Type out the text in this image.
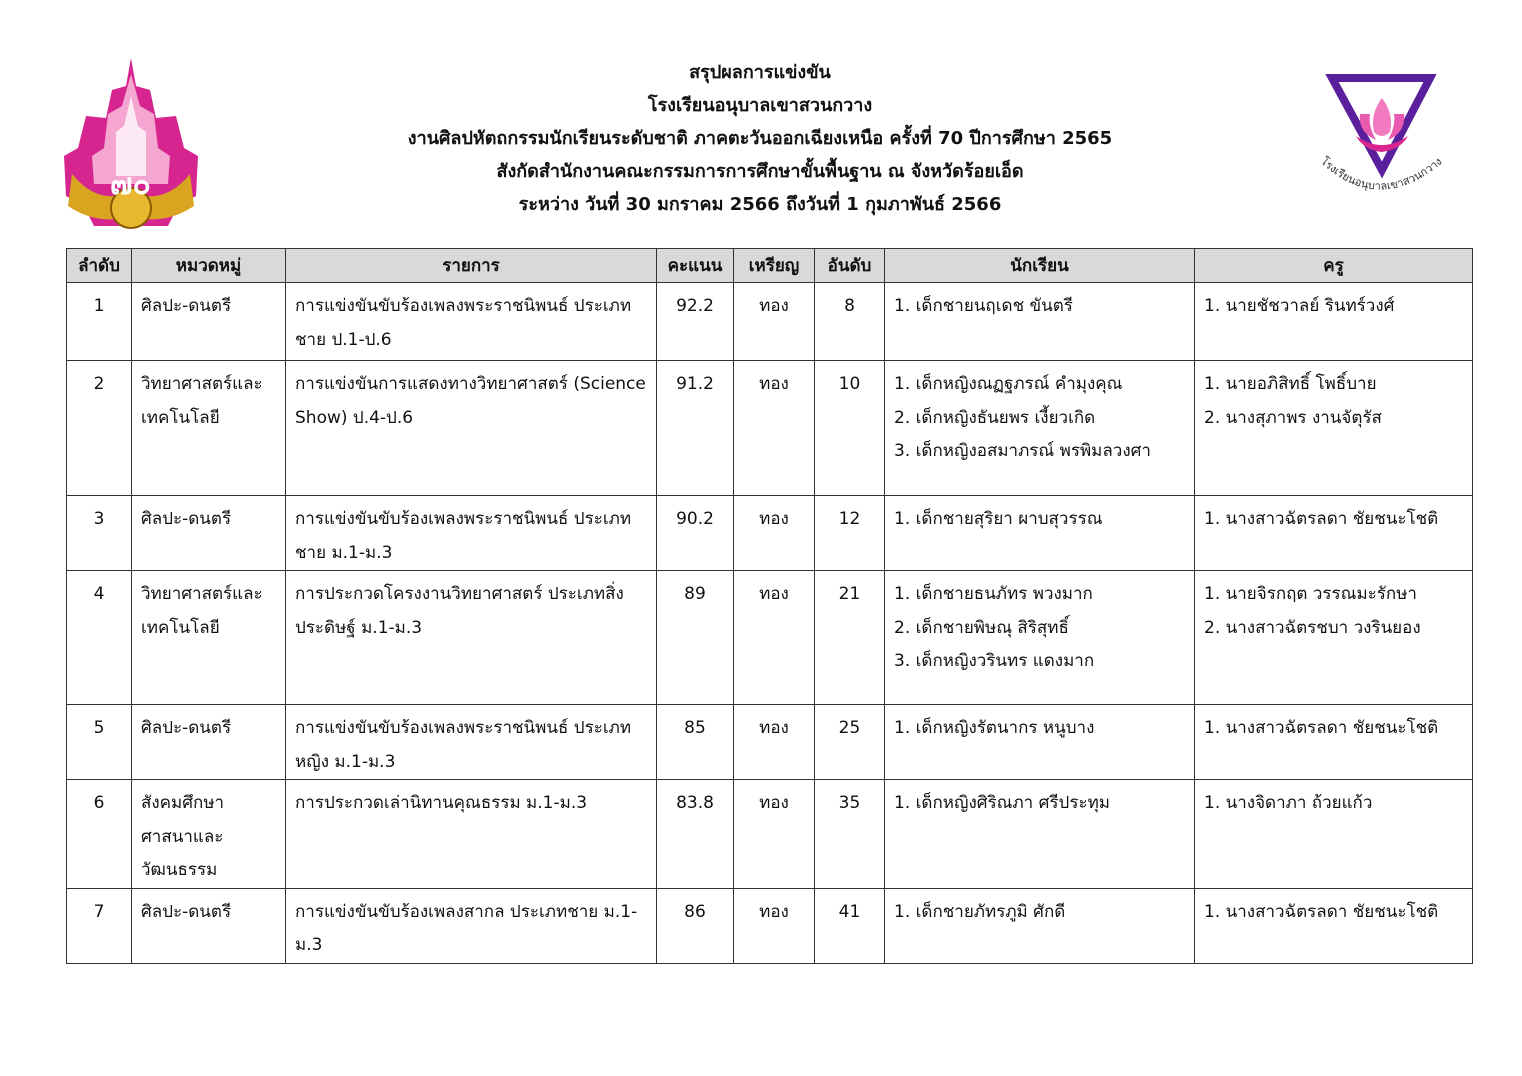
๗๐
สรุปผลการแข่งขัน
โรงเรียนอนุบาลเขาสวนกวาง
งานศิลปหัตถกรรมนักเรียนระดับชาติ ภาคตะวันออกเฉียงเหนือ ครั้งที่ 70 ปีการศึกษา 2565
สังกัดสำนักงานคณะกรรมการการศึกษาขั้นพื้นฐาน ณ จังหวัดร้อยเอ็ด
ระหว่าง วันที่ 30 มกราคม 2566 ถึงวันที่ 1 กุมภาพันธ์ 2566
โรงเรียนอนุบาลเขาสวนกวาง
ลำดับ	หมวดหมู่	รายการ	คะแนน	เหรียญ	อันดับ	นักเรียน	ครู
1	ศิลปะ-ดนตรี	การแข่งขันขับร้องเพลงพระราชนิพนธ์ ประเภทชาย ป.1-ป.6	92.2	ทอง	8	1. เด็กชายนฤเดช ขันตรี	1. นายชัชวาลย์ รินทร์วงศ์

2	วิทยาศาสตร์และเทคโนโลยี	การแข่งขันการแสดงทางวิทยาศาสตร์ (Science Show) ป.4-ป.6	91.2	ทอง	10	1. เด็กหญิงณฏฐภรณ์ คำมุงคุณ
2. เด็กหญิงธันยพร เงี้ยวเกิด
3. เด็กหญิงอสมาภรณ์ พรพิมลวงศา	1. นายอภิสิทธิ์ โพธิ์บาย
2. นางสุภาพร งานจัตุรัส

3	ศิลปะ-ดนตรี	การแข่งขันขับร้องเพลงพระราชนิพนธ์ ประเภทชาย ม.1-ม.3	90.2	ทอง	12	1. เด็กชายสุริยา ผาบสุวรรณ	1. นางสาวฉัตรลดา ชัยชนะโชติ

4	วิทยาศาสตร์และเทคโนโลยี	การประกวดโครงงานวิทยาศาสตร์ ประเภทสิ่งประดิษฐ์ ม.1-ม.3	89	ทอง	21	1. เด็กชายธนภัทร พวงมาก
2. เด็กชายพิษณุ สิริสุทธิ์
3. เด็กหญิงวรินทร แดงมาก	1. นายจิรกฤต วรรณมะรักษา
2. นางสาวฉัตรชบา วงรินยอง

5	ศิลปะ-ดนตรี	การแข่งขันขับร้องเพลงพระราชนิพนธ์ ประเภทหญิง ม.1-ม.3	85	ทอง	25	1. เด็กหญิงรัตนากร หนูบาง	1. นางสาวฉัตรลดา ชัยชนะโชติ

6	สังคมศึกษา ศาสนาและวัฒนธรรม	การประกวดเล่านิทานคุณธรรม ม.1-ม.3	83.8	ทอง	35	1. เด็กหญิงศิริณภา ศรีประทุม	1. นางจิดาภา ถ้วยแก้ว

7	ศิลปะ-ดนตรี	การแข่งขันขับร้องเพลงสากล ประเภทชาย ม.1-ม.3	86	ทอง	41	1. เด็กชายภัทรภูมิ ศักดี	1. นางสาวฉัตรลดา ชัยชนะโชติ
